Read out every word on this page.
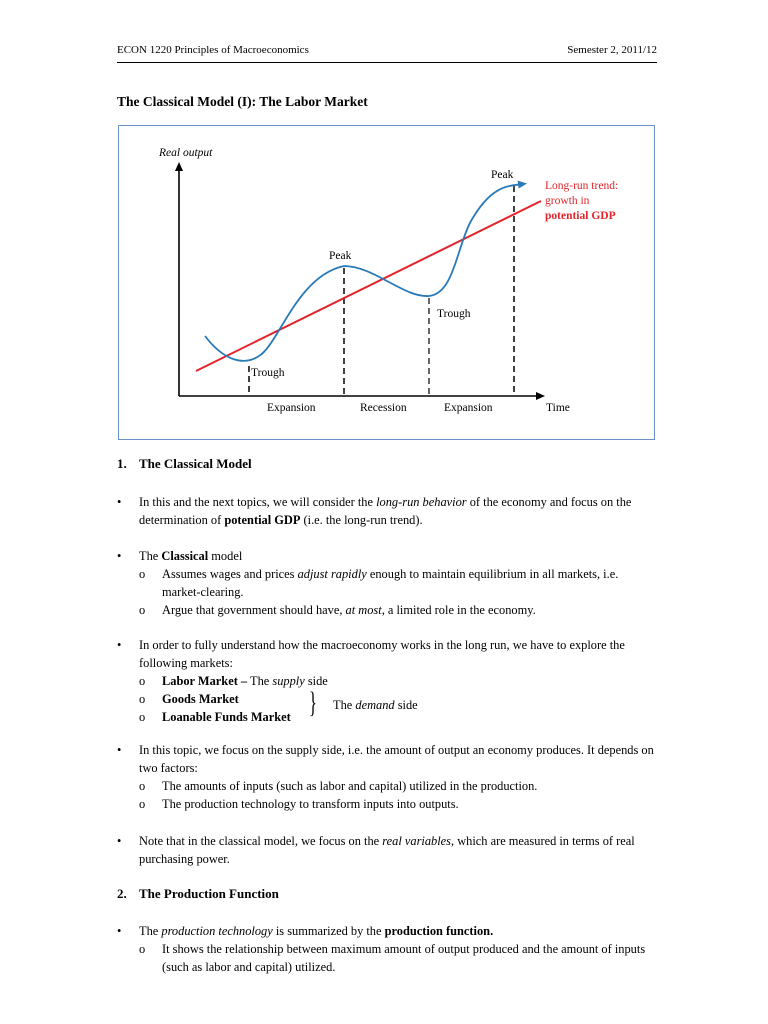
ECON 1220 Principles of Macroeconomics	Semester 2, 2011/12
The Classical Model (I): The Labor Market
Real output
Peak
Peak
Trough
Trough
Expansion	Recession	Expansion	Time
Long-run trend:
growth in
potential GDP
1. The Classical Model
•	In this and the next topics, we will consider the long-run behavior of the economy and focus on the determination of potential GDP (i.e. the long-run trend).
•	The Classical model
o	Assumes wages and prices adjust rapidly enough to maintain equilibrium in all markets, i.e. market-clearing.
o	Argue that government should have, at most, a limited role in the economy.
•	In order to fully understand how the macroeconomy works in the long run, we have to explore the following markets:
o	Labor Market – The supply side
o	Goods Market
o	Loanable Funds Market } The demand side
•	In this topic, we focus on the supply side, i.e. the amount of output an economy produces. It depends on two factors:
o	The amounts of inputs (such as labor and capital) utilized in the production.
o	The production technology to transform inputs into outputs.
•	Note that in the classical model, we focus on the real variables, which are measured in terms of real purchasing power.
2. The Production Function
•	The production technology is summarized by the production function.
o	It shows the relationship between maximum amount of output produced and the amount of inputs (such as labor and capital) utilized.
